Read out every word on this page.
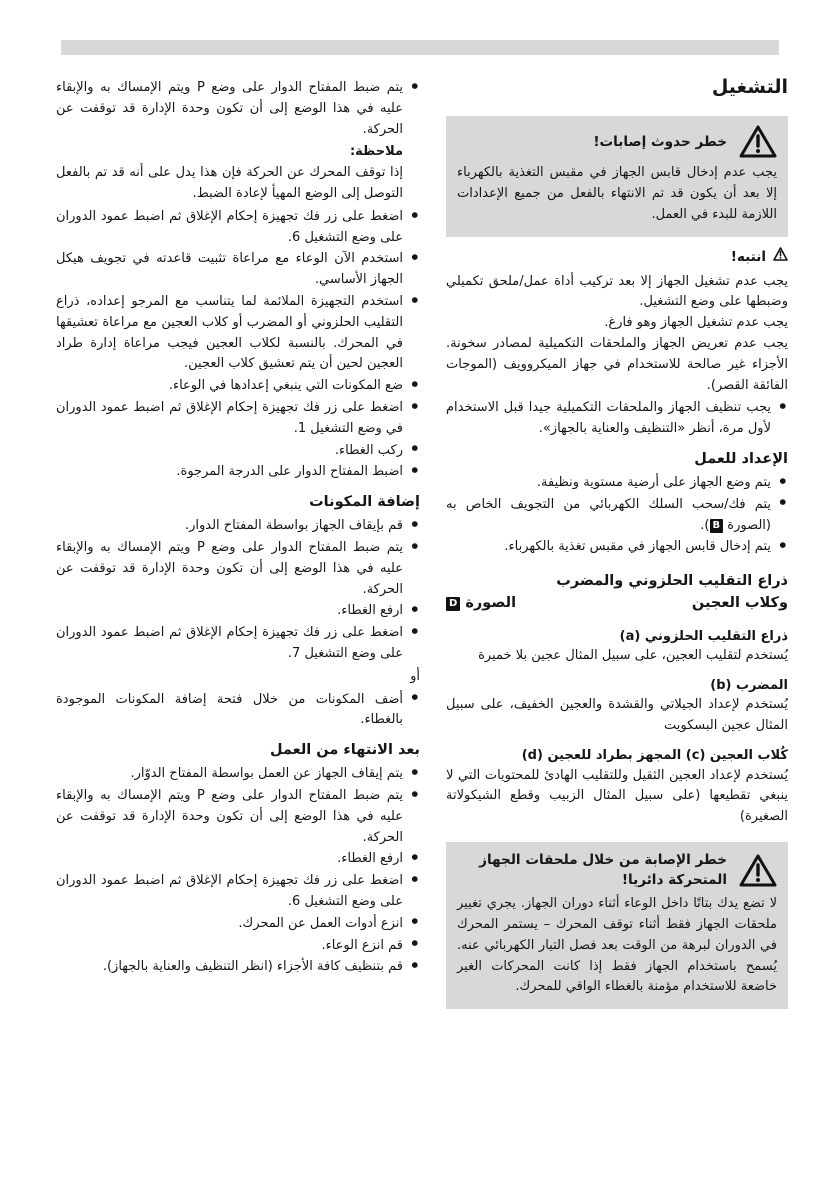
التشغيل
خطر حدوث إصابات!

يجب عدم إدخال قابس الجهاز في مقبس التغذية بالكهرباء إلا بعد أن يكون قد تم الانتهاء بالفعل من جميع الإعدادات اللازمة للبدء في العمل.

انتبه!

يجب عدم تشغيل الجهاز إلا بعد تركيب أداة عمل/ملحق تكميلي وضبطها على وضع التشغيل.

يجب عدم تشغيل الجهاز وهو فارغ.

يجب عدم تعريض الجهاز والملحقات التكميلية لمصادر سخونة. الأجزاء غير صالحة للاستخدام في جهاز الميكروويف (الموجات الفائقة القصر).

● يجب تنظيف الجهاز والملحقات التكميلية جيدا قبل الاستخدام لأول مرة، أنظر «التنظيف والعناية بالجهاز».
الإعداد للعمل
● يتم وضع الجهاز على أرضية مستوية ونظيفة.
● يتم فك/سحب السلك الكهربائي من التجويف الخاص به (الصورة B‏).
● يتم إدخال قابس الجهاز في مقبس تغذية بالكهرباء.
ذراع التقليب الحلزوني والمضرب
وكلاب العجين
الصورة D
ذراع التقليب الحلزوني (a)

يُستخدم لتقليب العجين، على سبيل المثال عجين بلا خميرة

المضرب (b)

يُستخدم لإعداد الجيلاتي والقشدة والعجين الخفيف، على سبيل المثال عجين البسكويت

كُلاب العجين (c) المجهز بطراد للعجين (d)

يُستخدم لإعداد العجين الثقيل وللتقليب الهادئ للمحتويات التي لا ينبغي تقطيعها (على سبيل المثال الزبيب وقطع الشيكولاتة الصغيرة)

خطر الإصابة من خلال ملحقات الجهاز المتحركة دائريا!

لا تضع يدك بتاتًا داخل الوعاء أثناء دوران الجهاز. يجري تغيير ملحقات الجهاز فقط أثناء توقف المحرك – يستمر المحرك في الدوران لبرهة من الوقت بعد فصل التيار الكهربائي عنه. يُسمح باستخدام الجهاز فقط إذا كانت المحركات الغير خاضعة للاستخدام مؤمنة بالغطاء الواقي للمحرك.

● يتم ضبط المفتاح الدوار على وضع P ويتم الإمساك به والإبقاء عليه في هذا الوضع إلى أن تكون وحدة الإدارة قد توقفت عن الحركة.
ملاحظة:

إذا توقف المحرك عن الحركة فإن هذا يدل على أنه قد تم بالفعل التوصل إلى الوضع المهيأ لإعادة الضبط.

● اضغط على زر فك تجهيزة إحكام الإغلاق ثم اضبط عمود الدوران على وضع التشغيل 6.
● استخدم الآن الوعاء مع مراعاة تثبيت قاعدته في تجويف هيكل الجهاز الأساسي.
● استخدم التجهيزة الملائمة لما يتناسب مع المرجو إعداده، ذراع التقليب الحلزوني أو المضرب أو كلاب العجين مع مراعاة تعشيقها في المحرك. بالنسبة لكلاب العجين فيجب مراعاة إدارة طراد العجين لحين أن يتم تعشيق كلاب العجين.
● ضع المكونات التي ينبغي إعدادها في الوعاء.
● اضغط على زر فك تجهيزة إحكام الإغلاق ثم اضبط عمود الدوران في وضع التشغيل 1.
● ركب الغطاء.
● اضبط المفتاح الدوار على الدرجة المرجوة.
إضافة المكونات
● قم بإيقاف الجهاز بواسطة المفتاح الدوار.
● يتم ضبط المفتاح الدوار على وضع P ويتم الإمساك به والإبقاء عليه في هذا الوضع إلى أن تكون وحدة الإدارة قد توقفت عن الحركة.
● ارفع الغطاء.
● اضغط على زر فك تجهيزة إحكام الإغلاق ثم اضبط عمود الدوران على وضع التشغيل 7.
أو
● أضف المكونات من خلال فتحة إضافة المكونات الموجودة بالغطاء.
بعد الانتهاء من العمل
● يتم إيقاف الجهاز عن العمل بواسطة المفتاح الدوّار.
● يتم ضبط المفتاح الدوار على وضع P ويتم الإمساك به والإبقاء عليه في هذا الوضع إلى أن تكون وحدة الإدارة قد توقفت عن الحركة.
● ارفع الغطاء.
● اضغط على زر فك تجهيزة إحكام الإغلاق ثم اضبط عمود الدوران على وضع التشغيل 6.
● انزع أدوات العمل عن المحرك.
● قم انزع الوعاء.
● قم بتنظيف كافة الأجزاء (انظر التنظيف والعناية بالجهاز).
